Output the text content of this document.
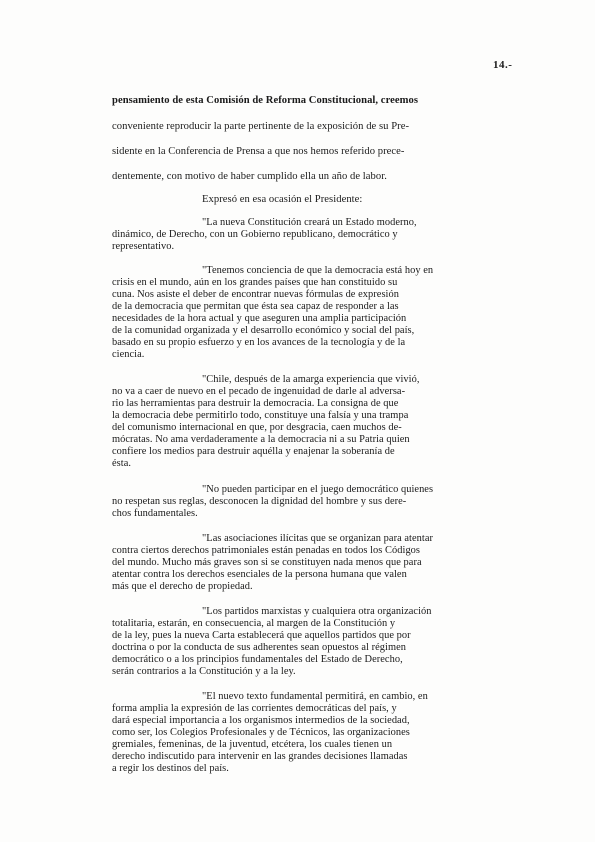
14.-
pensamiento de esta Comisión de Reforma Constitucional, creemos
conveniente reproducir la parte pertinente de la exposición de su Pre-
sidente en la Conferencia de Prensa a que nos hemos referido prece-
dentemente, con motivo de haber cumplido ella un año de labor.
Expresó en esa ocasión el Presidente:
"La nueva Constitución creará un Estado moderno,
dinámico, de Derecho, con un Gobierno republicano, democrático y
representativo.
"Tenemos conciencia de que la democracia está hoy en
crisis en el mundo, aún en los grandes países que han constituido su
cuna. Nos asiste el deber de encontrar nuevas fórmulas de expresión
de la democracia que permitan que ésta sea capaz de responder a las
necesidades de la hora actual y que aseguren una amplia participación
de la comunidad organizada y el desarrollo económico y social del país,
basado en su propio esfuerzo y en los avances de la tecnología y de la
ciencia.
"Chile, después de la amarga experiencia que vivió,
no va a caer de nuevo en el pecado de ingenuidad de darle al adversa-
rio las herramientas para destruir la democracia. La consigna de que
la democracia debe permitirlo todo, constituye una falsía y una trampa
del comunismo internacional en que, por desgracia, caen muchos de-
mócratas. No ama verdaderamente a la democracia ni a su Patria quien
confiere los medios para destruir aquélla y enajenar la soberanía de
ésta.
"No pueden participar en el juego democrático quienes
no respetan sus reglas, desconocen la dignidad del hombre y sus dere-
chos fundamentales.
"Las asociaciones ilícitas que se organizan para atentar
contra ciertos derechos patrimoniales están penadas en todos los Códigos
del mundo. Mucho más graves son si se constituyen nada menos que para
atentar contra los derechos esenciales de la persona humana que valen
más que el derecho de propiedad.
"Los partidos marxistas y cualquiera otra organización
totalitaria, estarán, en consecuencia, al margen de la Constitución y
de la ley, pues la nueva Carta establecerá que aquellos partidos que por
doctrina o por la conducta de sus adherentes sean opuestos al régimen
democrático o a los principios fundamentales del Estado de Derecho,
serán contrarios a la Constitución y a la ley.
"El nuevo texto fundamental permitirá, en cambio, en
forma amplia la expresión de las corrientes democráticas del país, y
dará especial importancia a los organismos intermedios de la sociedad,
como ser, los Colegios Profesionales y de Técnicos, las organizaciones
gremiales, femeninas, de la juventud, etcétera, los cuales tienen un
derecho indiscutido para intervenir en las grandes decisiones llamadas
a regir los destinos del país.
